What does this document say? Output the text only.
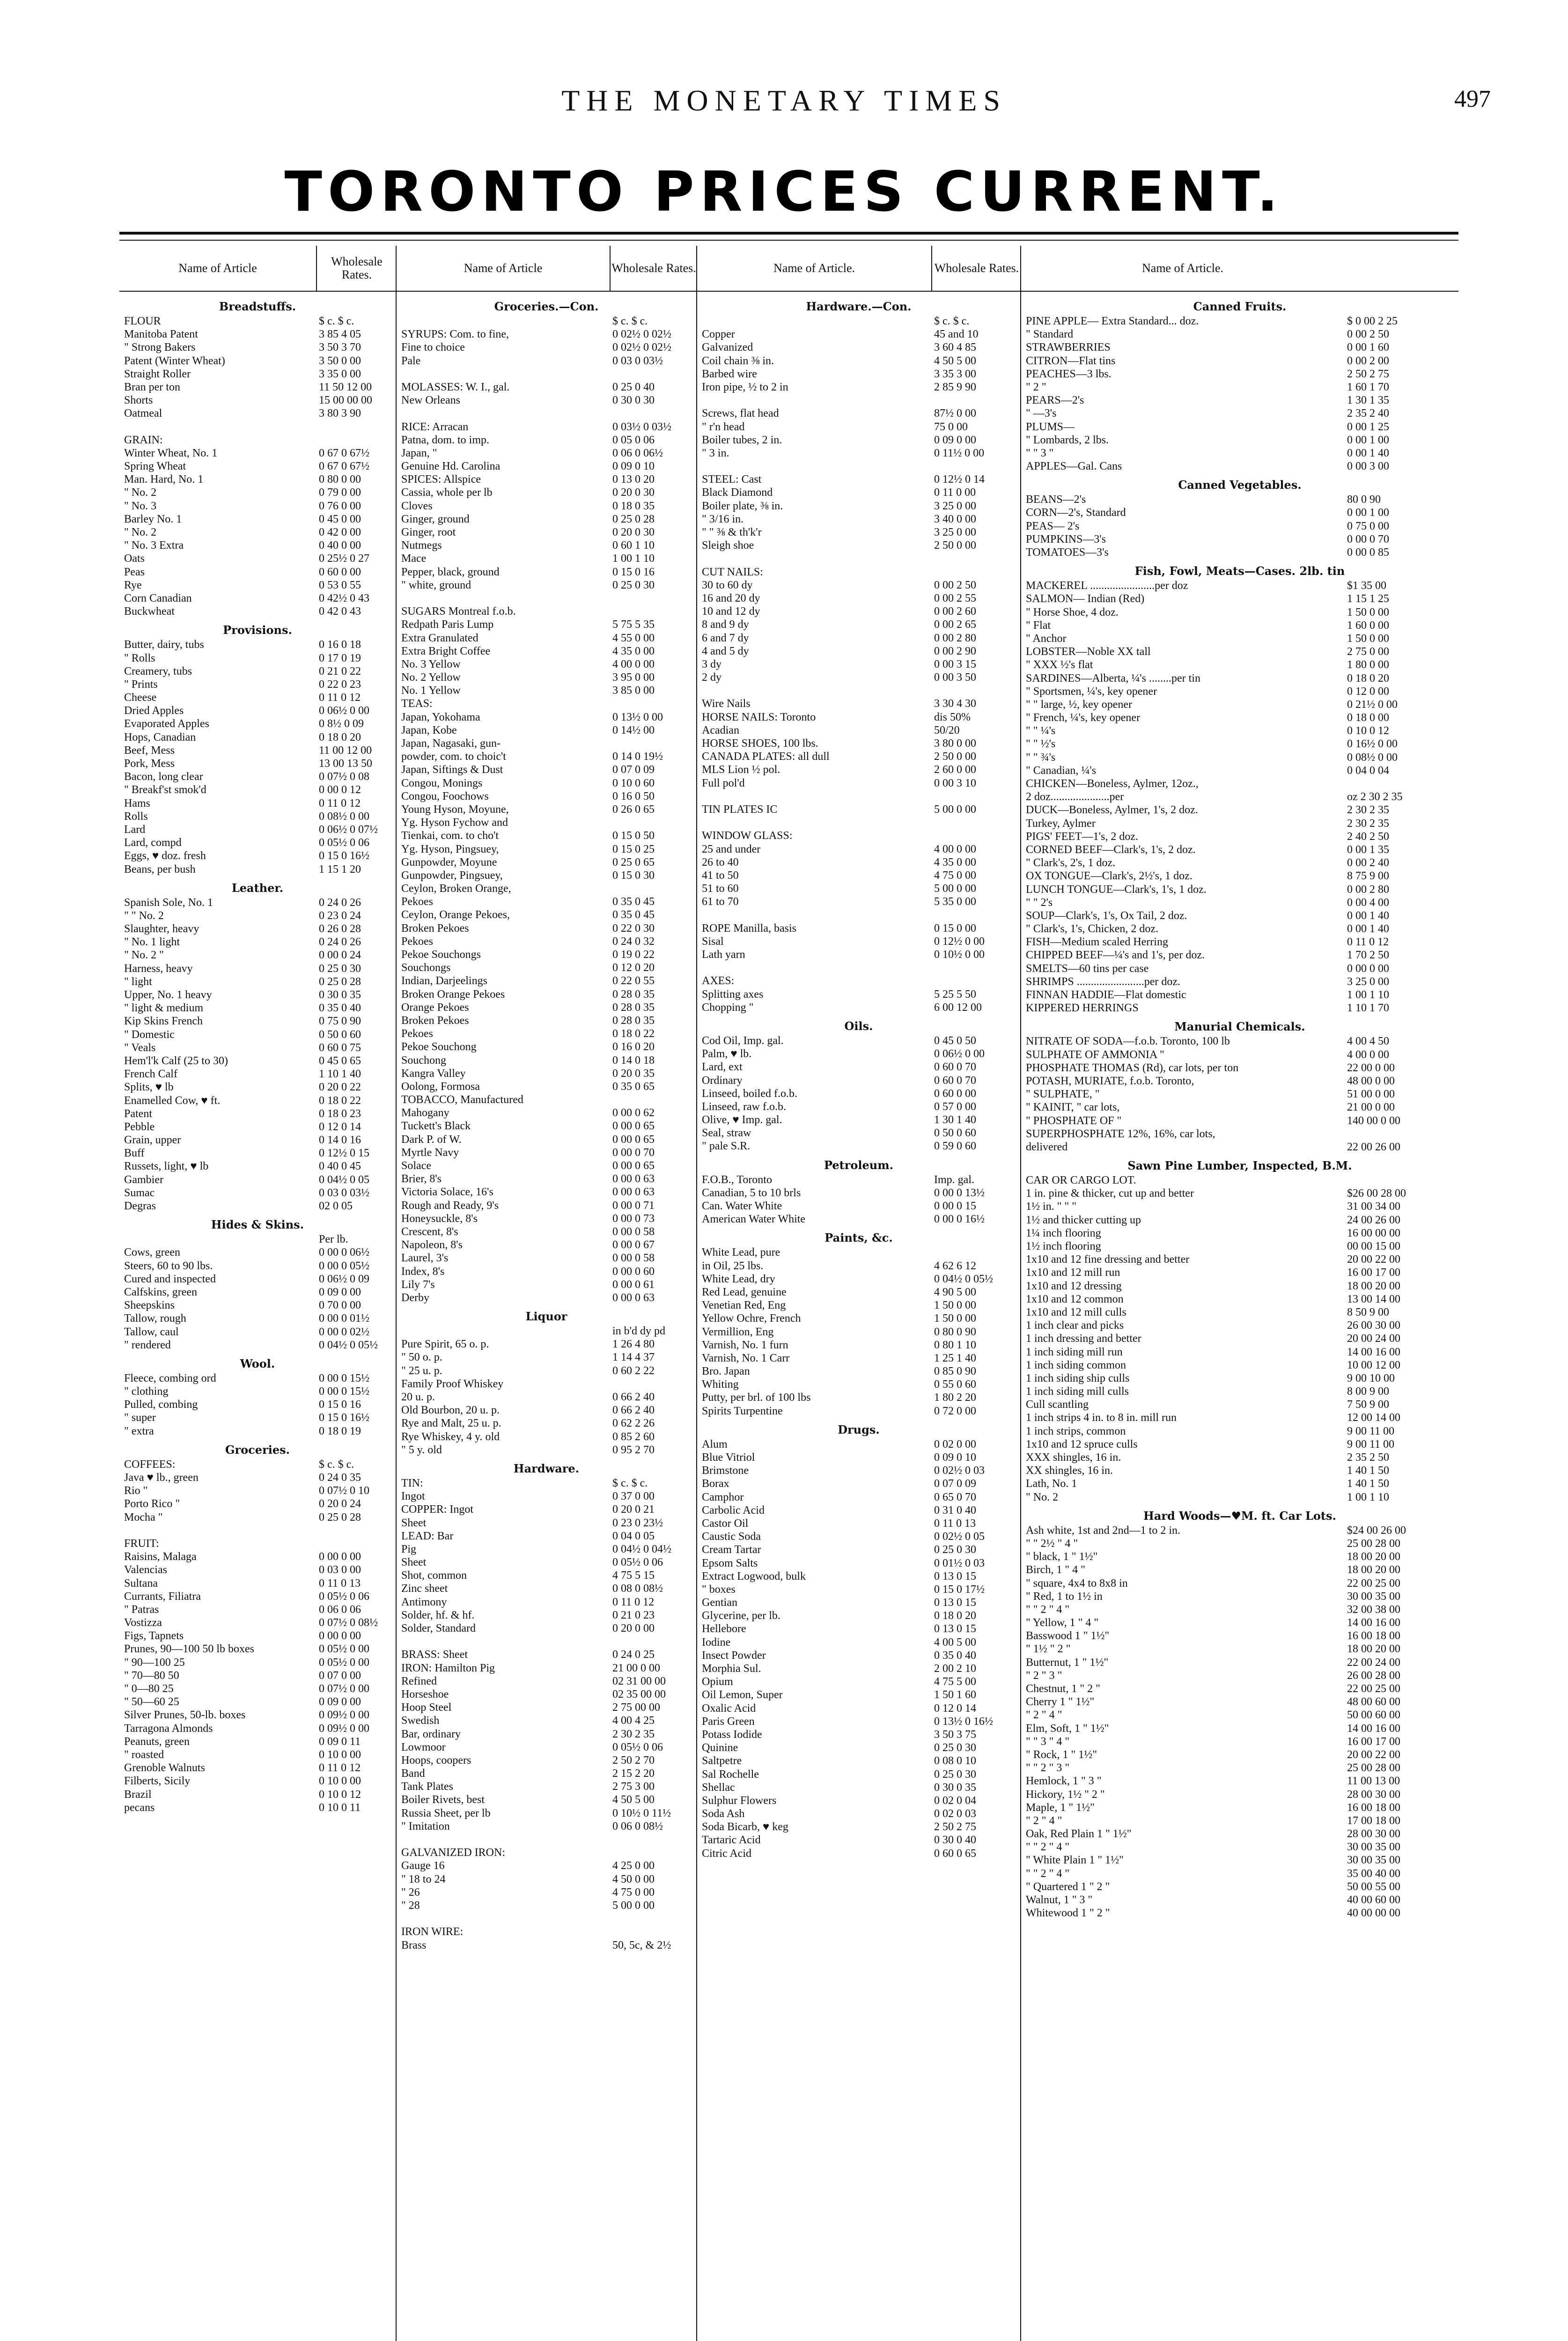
THE MONETARY TIMES	497
TORONTO PRICES CURRENT.
Name of Article	Wholesale Rates.
Breadstuffs.
FLOUR	$ c. $ c.
Manitoba Patent	3 85 4 05
" Strong Bakers	3 50 3 70
Patent (Winter Wheat)	3 50 0 00
Straight Roller	3 35 0 00
Bran per ton	11 50 12 00
Shorts	15 00 00 00
Oatmeal	3 80 3 90
GRAIN:
Winter Wheat, No. 1	0 67 0 67½
Spring Wheat	0 67 0 67½
Man. Hard, No. 1	0 80 0 00
" No. 2	0 79 0 00
" No. 3	0 76 0 00
Barley No. 1	0 45 0 00
" No. 2	0 42 0 00
" No. 3 Extra	0 40 0 00
Oats	0 25½ 0 27
Peas	0 60 0 00
Rye	0 53 0 55
Corn Canadian	0 42½ 0 43
Buckwheat	0 42 0 43
Provisions.
Butter, dairy, tubs	0 16 0 18
" Rolls	0 17 0 19
Creamery, tubs	0 21 0 22
" Prints	0 22 0 23
Cheese	0 11 0 12
Dried Apples	0 06½ 0 00
Evaporated Apples	0 8½ 0 09
Hops, Canadian	0 18 0 20
Beef, Mess	11 00 12 00
Pork, Mess	13 00 13 50
Bacon, long clear	0 07½ 0 08
" Breakf'st smok'd	0 00 0 12
Hams	0 11 0 12
Rolls	0 08½ 0 00
Lard	0 06½ 0 07½
Lard, compd	0 05½ 0 06
Eggs, ♥ doz. fresh	0 15 0 16½
Beans, per bush	1 15 1 20
Leather.
Spanish Sole, No. 1	0 24 0 26
" " No. 2	0 23 0 24
Slaughter, heavy	0 26 0 28
" No. 1 light	0 24 0 26
" No. 2 "	0 00 0 24
Harness, heavy	0 25 0 30
" light	0 25 0 28
Upper, No. 1 heavy	0 30 0 35
" light & medium	0 35 0 40
Kip Skins French	0 75 0 90
" Domestic	0 50 0 60
" Veals	0 60 0 75
Hem'l'k Calf (25 to 30)	0 45 0 65
French Calf	1 10 1 40
Splits, ♥ lb	0 20 0 22
Enamelled Cow, ♥ ft.	0 18 0 22
Patent	0 18 0 23
Pebble	0 12 0 14
Grain, upper	0 14 0 16
Buff	0 12½ 0 15
Russets, light, ♥ lb	0 40 0 45
Gambier	0 04½ 0 05
Sumac	0 03 0 03½
Degras	02 0 05
Hides & Skins.
Per lb.
Cows, green	0 00 0 06½
Steers, 60 to 90 lbs.	0 00 0 05½
Cured and inspected	0 06½ 0 09
Calfskins, green	0 09 0 00
Sheepskins	0 70 0 00
Tallow, rough	0 00 0 01½
Tallow, caul	0 00 0 02½
" rendered	0 04½ 0 05½
Wool.
Fleece, combing ord	0 00 0 15½
" clothing	0 00 0 15½
Pulled, combing	0 15 0 16
" super	0 15 0 16½
" extra	0 18 0 19
Groceries.
COFFEES:	$ c. $ c.
Java ♥ lb., green	0 24 0 35
Rio "	0 07½ 0 10
Porto Rico "	0 20 0 24
Mocha "	0 25 0 28
FRUIT:
Raisins, Malaga	0 00 0 00
Valencias	0 03 0 00
Sultana	0 11 0 13
Currants, Filiatra	0 05½ 0 06
" Patras	0 06 0 06
Vostizza	0 07½ 0 08½
Figs, Tapnets	0 00 0 00
Prunes, 90—100 50 lb boxes	0 05½ 0 00
" 90—100 25	0 05½ 0 00
" 70—80 50	0 07 0 00
" 0—80 25	0 07½ 0 00
" 50—60 25	0 09 0 00
Silver Prunes, 50-lb. boxes	0 09½ 0 00
Tarragona Almonds	0 09½ 0 00
Peanuts, green	0 09 0 11
" roasted	0 10 0 00
Grenoble Walnuts	0 11 0 12
Filberts, Sicily	0 10 0 00
Brazil	0 10 0 12
pecans	0 10 0 11
Name of Article	Wholesale Rates.
Groceries.—Con.
$ c. $ c.
SYRUPS: Com. to fine,	0 02½ 0 02½
Fine to choice	0 02½ 0 02½
Pale	0 03 0 03½
MOLASSES: W. I., gal.	0 25 0 40
New Orleans	0 30 0 30
RICE: Arracan	0 03½ 0 03½
Patna, dom. to imp.	0 05 0 06
Japan, "	0 06 0 06½
Genuine Hd. Carolina	0 09 0 10
SPICES: Allspice	0 13 0 20
Cassia, whole per lb	0 20 0 30
Cloves	0 18 0 35
Ginger, ground	0 25 0 28
Ginger, root	0 20 0 30
Nutmegs	0 60 1 10
Mace	1 00 1 10
Pepper, black, ground	0 15 0 16
" white, ground	0 25 0 30
SUGARS Montreal f.o.b.
Redpath Paris Lump	5 75 5 35
Extra Granulated	4 55 0 00
Extra Bright Coffee	4 35 0 00
No. 3 Yellow	4 00 0 00
No. 2 Yellow	3 95 0 00
No. 1 Yellow	3 85 0 00
TEAS:
Japan, Yokohama	0 13½ 0 00
Japan, Kobe	0 14½ 00
Japan, Nagasaki, gun-
powder, com. to choic't	0 14 0 19½
Japan, Siftings & Dust	0 07 0 09
Congou, Monings	0 10 0 60
Congou, Foochows	0 16 0 50
Young Hyson, Moyune,	0 26 0 65
Yg. Hyson Fychow and
Tienkai, com. to cho't	0 15 0 50
Yg. Hyson, Pingsuey,	0 15 0 25
Gunpowder, Moyune	0 25 0 65
Gunpowder, Pingsuey,	0 15 0 30
Ceylon, Broken Orange,
Pekoes	0 35 0 45
Ceylon, Orange Pekoes,	0 35 0 45
Broken Pekoes	0 22 0 30
Pekoes	0 24 0 32
Pekoe Souchongs	0 19 0 22
Souchongs	0 12 0 20
Indian, Darjeelings	0 22 0 55
Broken Orange Pekoes	0 28 0 35
Orange Pekoes	0 28 0 35
Broken Pekoes	0 28 0 35
Pekoes	0 18 0 22
Pekoe Souchong	0 16 0 20
Souchong	0 14 0 18
Kangra Valley	0 20 0 35
Oolong, Formosa	0 35 0 65
TOBACCO, Manufactured
Mahogany	0 00 0 62
Tuckett's Black	0 00 0 65
Dark P. of W.	0 00 0 65
Myrtle Navy	0 00 0 70
Solace	0 00 0 65
Brier, 8's	0 00 0 63
Victoria Solace, 16's	0 00 0 63
Rough and Ready, 9's	0 00 0 71
Honeysuckle, 8's	0 00 0 73
Crescent, 8's	0 00 0 58
Napoleon, 8's	0 00 0 67
Laurel, 3's	0 00 0 58
Index, 8's	0 00 0 60
Lily 7's	0 00 0 61
Derby	0 00 0 63
Liquor
in b'd dy pd
Pure Spirit, 65 o. p.	1 26 4 80
" 50 o. p.	1 14 4 37
" 25 u. p.	0 60 2 22
Family Proof Whiskey
20 u. p.	0 66 2 40
Old Bourbon, 20 u. p.	0 66 2 40
Rye and Malt, 25 u. p.	0 62 2 26
Rye Whiskey, 4 y. old	0 85 2 60
" 5 y. old	0 95 2 70
Hardware.
TIN:	$ c. $ c.
Ingot	0 37 0 00
COPPER: Ingot	0 20 0 21
Sheet	0 23 0 23½
LEAD: Bar	0 04 0 05
Pig	0 04½ 0 04½
Sheet	0 05½ 0 06
Shot, common	4 75 5 15
Zinc sheet	0 08 0 08½
Antimony	0 11 0 12
Solder, hf. & hf.	0 21 0 23
Solder, Standard	0 20 0 00
BRASS: Sheet	0 24 0 25
IRON: Hamilton Pig	21 00 0 00
Refined	02 31 00 00
Horseshoe	02 35 00 00
Hoop Steel	2 75 00 00
Swedish	4 00 4 25
Bar, ordinary	2 30 2 35
Lowmoor	0 05½ 0 06
Hoops, coopers	2 50 2 70
Band	2 15 2 20
Tank Plates	2 75 3 00
Boiler Rivets, best	4 50 5 00
Russia Sheet, per lb	0 10½ 0 11½
" Imitation	0 06 0 08½
GALVANIZED IRON:
Gauge 16	4 25 0 00
" 18 to 24	4 50 0 00
" 26	4 75 0 00
" 28	5 00 0 00
IRON WIRE:
Brass	50, 5c, & 2½
Name of Article.	Wholesale Rates.
Hardware.—Con.
$ c. $ c.
Copper	45 and 10
Galvanized	3 60 4 85
Coil chain ⅜ in.	4 50 5 00
Barbed wire	3 35 3 00
Iron pipe, ½ to 2 in	2 85 9 90
Screws, flat head	87½ 0 00
" r'n head	75 0 00
Boiler tubes, 2 in.	0 09 0 00
" 3 in.	0 11½ 0 00
STEEL: Cast	0 12½ 0 14
Black Diamond	0 11 0 00
Boiler plate, ⅜ in.	3 25 0 00
" 3/16 in.	3 40 0 00
" " ⅜ & th'k'r	3 25 0 00
Sleigh shoe	2 50 0 00
CUT NAILS:
30 to 60 dy	0 00 2 50
16 and 20 dy	0 00 2 55
10 and 12 dy	0 00 2 60
8 and 9 dy	0 00 2 65
6 and 7 dy	0 00 2 80
4 and 5 dy	0 00 2 90
3 dy	0 00 3 15
2 dy	0 00 3 50
Wire Nails	3 30 4 30
HORSE NAILS: Toronto	dis 50%
Acadian	50/20
HORSE SHOES, 100 lbs.	3 80 0 00
CANADA PLATES: all dull	2 50 0 00
MLS Lion ½ pol.	2 60 0 00
Full pol'd	0 00 3 10
TIN PLATES IC	5 00 0 00
WINDOW GLASS:
25 and under	4 00 0 00
26 to 40	4 35 0 00
41 to 50	4 75 0 00
51 to 60	5 00 0 00
61 to 70	5 35 0 00
ROPE Manilla, basis	0 15 0 00
Sisal	0 12½ 0 00
Lath yarn	0 10½ 0 00
AXES:
Splitting axes	5 25 5 50
Chopping "	6 00 12 00
Oils.
Cod Oil, Imp. gal.	0 45 0 50
Palm, ♥ lb.	0 06½ 0 00
Lard, ext	0 60 0 70
Ordinary	0 60 0 70
Linseed, boiled f.o.b.	0 60 0 00
Linseed, raw f.o.b.	0 57 0 00
Olive, ♥ Imp. gal.	1 30 1 40
Seal, straw	0 50 0 60
" pale S.R.	0 59 0 60
Petroleum.
F.O.B., Toronto	Imp. gal.
Canadian, 5 to 10 brls	0 00 0 13½
Can. Water White	0 00 0 15
American Water White	0 00 0 16½
Paints, &c.
White Lead, pure
in Oil, 25 lbs.	4 62 6 12
White Lead, dry	0 04½ 0 05½
Red Lead, genuine	4 90 5 00
Venetian Red, Eng	1 50 0 00
Yellow Ochre, French	1 50 0 00
Vermillion, Eng	0 80 0 90
Varnish, No. 1 furn	0 80 1 10
Varnish, No. 1 Carr	1 25 1 40
Bro. Japan	0 85 0 90
Whiting	0 55 0 60
Putty, per brl. of 100 lbs	1 80 2 20
Spirits Turpentine	0 72 0 00
Drugs.
Alum	0 02 0 00
Blue Vitriol	0 09 0 10
Brimstone	0 02½ 0 03
Borax	0 07 0 09
Camphor	0 65 0 70
Carbolic Acid	0 31 0 40
Castor Oil	0 11 0 13
Caustic Soda	0 02½ 0 05
Cream Tartar	0 25 0 30
Epsom Salts	0 01½ 0 03
Extract Logwood, bulk	0 13 0 15
" boxes	0 15 0 17½
Gentian	0 13 0 15
Glycerine, per lb.	0 18 0 20
Hellebore	0 13 0 15
Iodine	4 00 5 00
Insect Powder	0 35 0 40
Morphia Sul.	2 00 2 10
Opium	4 75 5 00
Oil Lemon, Super	1 50 1 60
Oxalic Acid	0 12 0 14
Paris Green	0 13½ 0 16½
Potass Iodide	3 50 3 75
Quinine	0 25 0 30
Saltpetre	0 08 0 10
Sal Rochelle	0 25 0 30
Shellac	0 30 0 35
Sulphur Flowers	0 02 0 04
Soda Ash	0 02 0 03
Soda Bicarb, ♥ keg	2 50 2 75
Tartaric Acid	0 30 0 40
Citric Acid	0 60 0 65
Name of Article.
Canned Fruits.
PINE APPLE— Extra Standard... doz.	$ 0 00 2 25
" Standard	0 00 2 50
STRAWBERRIES	0 00 1 60
CITRON—Flat tins	0 00 2 00
PEACHES—3 lbs.	2 50 2 75
" 2 "	1 60 1 70
PEARS—2's	1 30 1 35
" —3's	2 35 2 40
PLUMS—	0 00 1 25
" Lombards, 2 lbs.	0 00 1 00
" " 3 "	0 00 1 40
APPLES—Gal. Cans	0 00 3 00
Canned Vegetables.
BEANS—2's	80 0 90
CORN—2's, Standard	0 00 1 00
PEAS— 2's	0 75 0 00
PUMPKINS—3's	0 00 0 70
TOMATOES—3's	0 00 0 85
Fish, Fowl, Meats—Cases. 2lb. tin
MACKEREL .......................per doz	$1 35 00
SALMON— Indian (Red)	1 15 1 25
" Horse Shoe, 4 doz.	1 50 0 00
" Flat	1 60 0 00
" Anchor	1 50 0 00
LOBSTER—Noble XX tall	2 75 0 00
" XXX ½'s flat	1 80 0 00
SARDINES—Alberta, ¼'s ........per tin	0 18 0 20
" Sportsmen, ¼'s, key opener	0 12 0 00
" " large, ½, key opener	0 21½ 0 00
" French, ¼'s, key opener	0 18 0 00
" " ¼'s	0 10 0 12
" " ½'s	0 16½ 0 00
" " ¾'s	0 08½ 0 00
" Canadian, ¼'s	0 04 0 04
CHICKEN—Boneless, Aylmer, 12oz.,
2 doz.....................per	oz 2 30 2 35
DUCK—Boneless, Aylmer, 1's, 2 doz.	2 30 2 35
Turkey, Aylmer	2 30 2 35
PIGS' FEET—1's, 2 doz.	2 40 2 50
CORNED BEEF—Clark's, 1's, 2 doz.	0 00 1 35
" Clark's, 2's, 1 doz.	0 00 2 40
OX TONGUE—Clark's, 2½'s, 1 doz.	8 75 9 00
LUNCH TONGUE—Clark's, 1's, 1 doz.	0 00 2 80
" " 2's	0 00 4 00
SOUP—Clark's, 1's, Ox Tail, 2 doz.	0 00 1 40
" Clark's, 1's, Chicken, 2 doz.	0 00 1 40
FISH—Medium scaled Herring	0 11 0 12
CHIPPED BEEF—¼'s and 1's, per doz.	1 70 2 50
SMELTS—60 tins per case	0 00 0 00
SHRIMPS ........................per doz.	3 25 0 00
FINNAN HADDIE—Flat domestic	1 00 1 10
KIPPERED HERRINGS	1 10 1 70
Manurial Chemicals.
NITRATE OF SODA—f.o.b. Toronto, 100 lb	4 00 4 50
SULPHATE OF AMMONIA "	4 00 0 00
PHOSPHATE THOMAS (Rd), car lots, per ton	22 00 0 00
POTASH, MURIATE, f.o.b. Toronto,	48 00 0 00
" SULPHATE, "	51 00 0 00
" KAINIT, " car lots,	21 00 0 00
" PHOSPHATE OF "	140 00 0 00
SUPERPHOSPHATE 12%, 16%, car lots,
delivered	22 00 26 00
Sawn Pine Lumber, Inspected, B.M.
CAR OR CARGO LOT.
1 in. pine & thicker, cut up and better	$26 00 28 00
1½ in. " " "	31 00 34 00
1½ and thicker cutting up	24 00 26 00
1¼ inch flooring	16 00 00 00
1½ inch flooring	00 00 15 00
1x10 and 12 fine dressing and better	20 00 22 00
1x10 and 12 mill run	16 00 17 00
1x10 and 12 dressing	18 00 20 00
1x10 and 12 common	13 00 14 00
1x10 and 12 mill culls	8 50 9 00
1 inch clear and picks	26 00 30 00
1 inch dressing and better	20 00 24 00
1 inch siding mill run	14 00 16 00
1 inch siding common	10 00 12 00
1 inch siding ship culls	9 00 10 00
1 inch siding mill culls	8 00 9 00
Cull scantling	7 50 9 00
1 inch strips 4 in. to 8 in. mill run	12 00 14 00
1 inch strips, common	9 00 11 00
1x10 and 12 spruce culls	9 00 11 00
XXX shingles, 16 in.	2 35 2 50
XX shingles, 16 in.	1 40 1 50
Lath, No. 1	1 40 1 50
" No. 2	1 00 1 10
Hard Woods—♥M. ft. Car Lots.
Ash white, 1st and 2nd—1 to 2 in.	$24 00 26 00
" " 2½ " 4 "	25 00 28 00
" black, 1 " 1½"	18 00 20 00
Birch, 1 " 4 "	18 00 20 00
" square, 4x4 to 8x8 in	22 00 25 00
" Red, 1 to 1½ in	30 00 35 00
" " 2 " 4 "	32 00 38 00
" Yellow, 1 " 4 "	14 00 16 00
Basswood 1 " 1½"	16 00 18 00
" 1½ " 2 "	18 00 20 00
Butternut, 1 " 1½"	22 00 24 00
" 2 " 3 "	26 00 28 00
Chestnut, 1 " 2 "	22 00 25 00
Cherry 1 " 1½"	48 00 60 00
" 2 " 4 "	50 00 60 00
Elm, Soft, 1 " 1½"	14 00 16 00
" " 3 " 4 "	16 00 17 00
" Rock, 1 " 1½"	20 00 22 00
" " 2 " 3 "	25 00 28 00
Hemlock, 1 " 3 "	11 00 13 00
Hickory, 1½ " 2 "	28 00 30 00
Maple, 1 " 1½"	16 00 18 00
" 2 " 4 "	17 00 18 00
Oak, Red Plain 1 " 1½"	28 00 30 00
" " 2 " 4 "	30 00 35 00
" White Plain 1 " 1½"	30 00 35 00
" " 2 " 4 "	35 00 40 00
" Quartered 1 " 2 "	50 00 55 00
Walnut, 1 " 3 "	40 00 60 00
Whitewood 1 " 2 "	40 00 00 00
